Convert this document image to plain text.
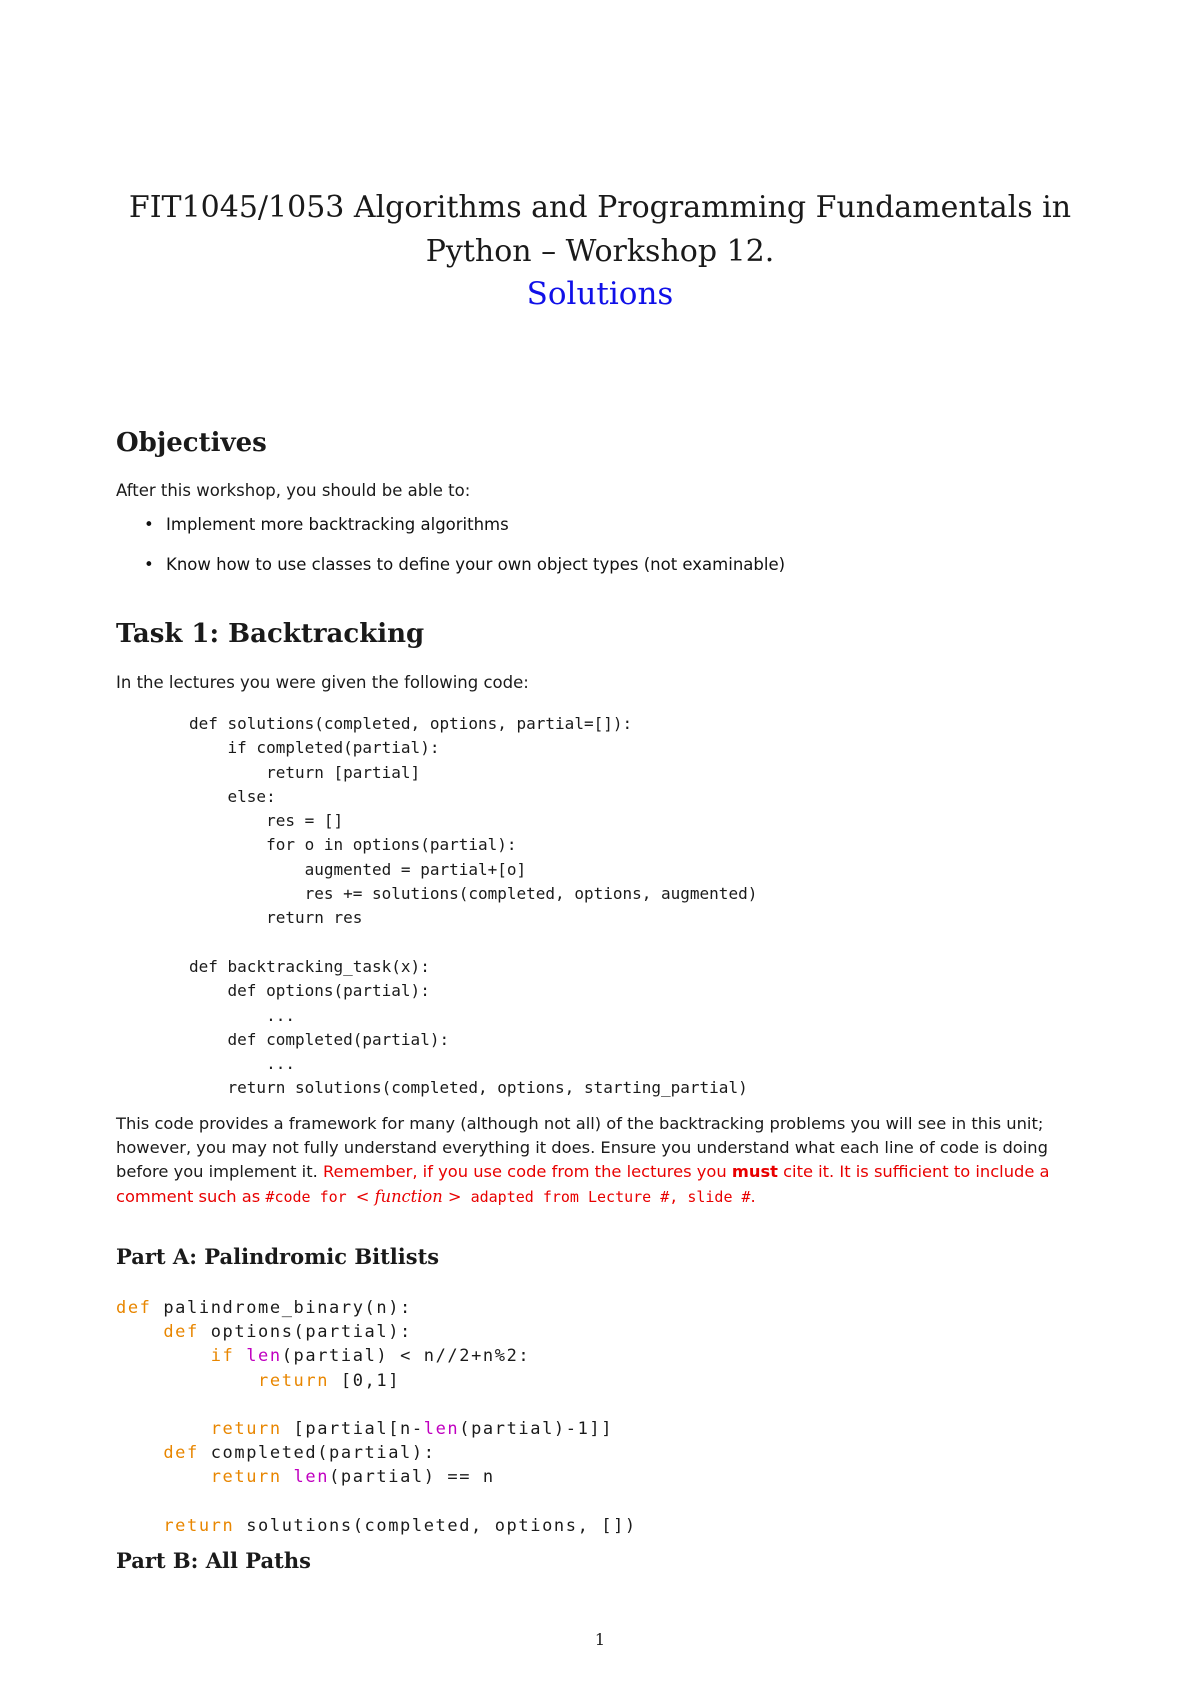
FIT1045/1053 Algorithms and Programming Fundamentals in
Python – Workshop 12.
Solutions
Objectives

After this workshop, you should be able to:

• Implement more backtracking algorithms
• Know how to use classes to define your own object types (not examinable)
Task 1: Backtracking

In the lectures you were given the following code:

def solutions(completed, options, partial=[]):
if completed(partial):
return [partial]
else:
res = []
for o in options(partial):
augmented = partial+[o]
res += solutions(completed, options, augmented)
return res

def backtracking_task(x):
def options(partial):
...
def completed(partial):
...
return solutions(completed, options, starting_partial)
This code provides a framework for many (although not all) of the backtracking problems you will see in this unit; however, you may not fully understand everything it does. Ensure you understand what each line of code is doing before you implement it. Remember, if you use code from the lectures you must cite it. It is sufficient to include a comment such as #code for < function > adapted from Lecture #, slide #.
Part A: Palindromic Bitlists
def palindrome_binary(n):
def options(partial):
if len(partial) < n//2+n%2:
return [0,1]

return [partial[n-len(partial)-1]]
def completed(partial):
return len(partial) == n

return solutions(completed, options, [])
Part B: All Paths
1
